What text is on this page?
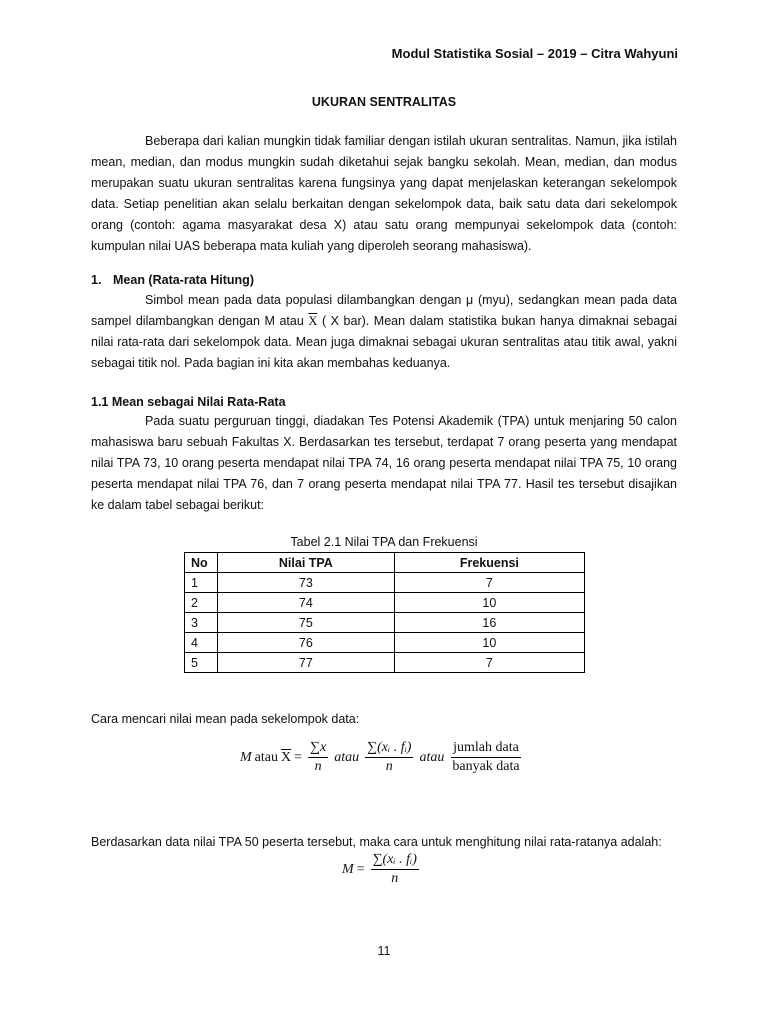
Modul Statistika Sosial – 2019 – Citra Wahyuni
UKURAN SENTRALITAS

Beberapa dari kalian mungkin tidak familiar dengan istilah ukuran sentralitas. Namun, jika istilah mean, median, dan modus mungkin sudah diketahui sejak bangku sekolah. Mean, median, dan modus merupakan suatu ukuran sentralitas karena fungsinya yang dapat menjelaskan keterangan sekelompok data. Setiap penelitian akan selalu berkaitan dengan sekelompok data, baik satu data dari sekelompok orang (contoh: agama masyarakat desa X) atau satu orang mempunyai sekelompok data (contoh: kumpulan nilai UAS beberapa mata kuliah yang diperoleh seorang mahasiswa).

1. Mean (Rata-rata Hitung)

Simbol mean pada data populasi dilambangkan dengan μ (myu), sedangkan mean pada data sampel dilambangkan dengan M atau $\overline{X}$ ( X bar). Mean dalam statistika bukan hanya dimaknai sebagai nilai rata-rata dari sekelompok data. Mean juga dimaknai sebagai ukuran sentralitas atau titik awal, yakni sebagai titik nol. Pada bagian ini kita akan membahas keduanya.

1.1 Mean sebagai Nilai Rata-Rata

Pada suatu perguruan tinggi, diadakan Tes Potensi Akademik (TPA) untuk menjaring 50 calon mahasiswa baru sebuah Fakultas X. Berdasarkan tes tersebut, terdapat 7 orang peserta yang mendapat nilai TPA 73, 10 orang peserta mendapat nilai TPA 74, 16 orang peserta mendapat nilai TPA 75, 10 orang peserta mendapat nilai TPA 76, dan 7 orang peserta mendapat nilai TPA 77. Hasil tes tersebut disajikan ke dalam tabel sebagai berikut:

Tabel 2.1 Nilai TPA dan Frekuensi
No	Nilai TPA	Frekuensi
1	73	7
2	74	10
3	75	16
4	76	10
5	77	7

Cara mencari nilai mean pada sekelompok data:

M atau $\overline{X} = \frac{\sum x}{n}$ atau $\frac{\text{∑(xᵢ . fᵢ)}}{n}$ atau $\frac{\text{jumlah data}}{\text{banyak data}}$

Berdasarkan data nilai TPA 50 peserta tersebut, maka cara untuk menghitung nilai rata-ratanya adalah:

$M = \frac{\text{∑(xᵢ . fᵢ)}}{n}$
11
